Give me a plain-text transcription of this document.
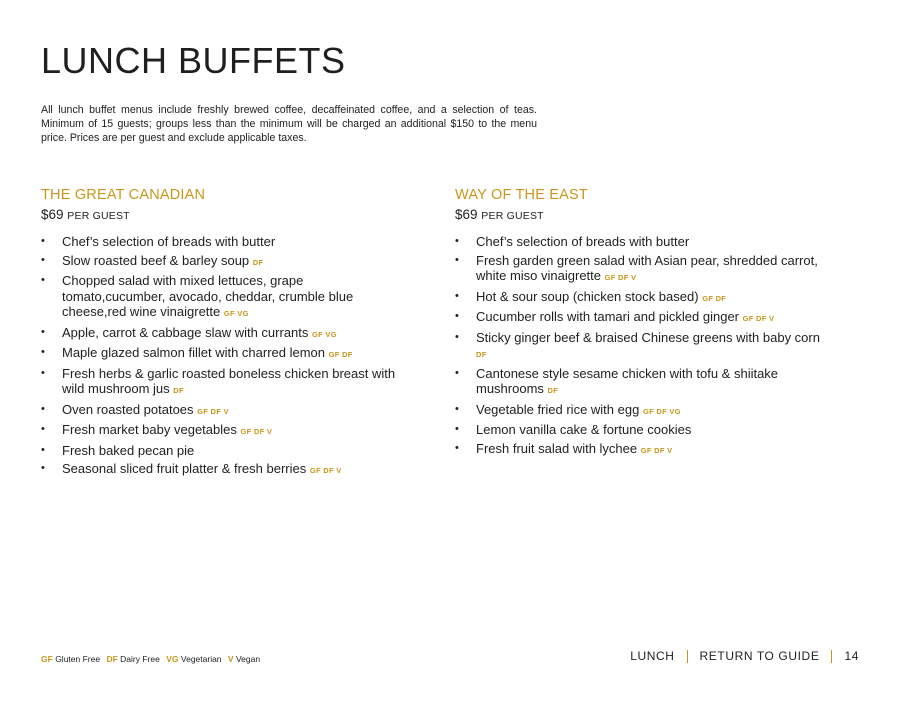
LUNCH BUFFETS

All lunch buffet menus include freshly brewed coffee, decaffeinated coffee, and a selection of teas. Minimum of 15 guests; groups less than the minimum will be charged an additional $150 to the menu price. Prices are per guest and exclude applicable taxes.

THE GREAT CANADIAN
$69 PER GUEST
• Chef’s selection of breads with butter
• Slow roasted beef & barley soup DF
• Chopped salad with mixed lettuces, grape tomato,cucumber, avocado, cheddar, crumble blue cheese,red wine vinaigrette GF VG
• Apple, carrot & cabbage slaw with currants GF VG
• Maple glazed salmon fillet with charred lemon GF DF
• Fresh herbs & garlic roasted boneless chicken breast with wild mushroom jus DF
• Oven roasted potatoes GF DF V
• Fresh market baby vegetables GF DF V
• Fresh baked pecan pie
• Seasonal sliced fruit platter & fresh berries GF DF V
WAY OF THE EAST
$69 PER GUEST
• Chef’s selection of breads with butter
• Fresh garden green salad with Asian pear, shredded carrot, white miso vinaigrette GF DF V
• Hot & sour soup (chicken stock based) GF DF
• Cucumber rolls with tamari and pickled ginger GF DF V
• Sticky ginger beef & braised Chinese greens with baby corn DF
• Cantonese style sesame chicken with tofu & shiitake mushrooms DF
• Vegetable fried rice with egg GF DF VG
• Lemon vanilla cake & fortune cookies
• Fresh fruit salad with lychee GF DF V
GF Gluten Free DF Dairy Free VG Vegetarian V Vegan	LUNCH RETURN TO GUIDE 14
